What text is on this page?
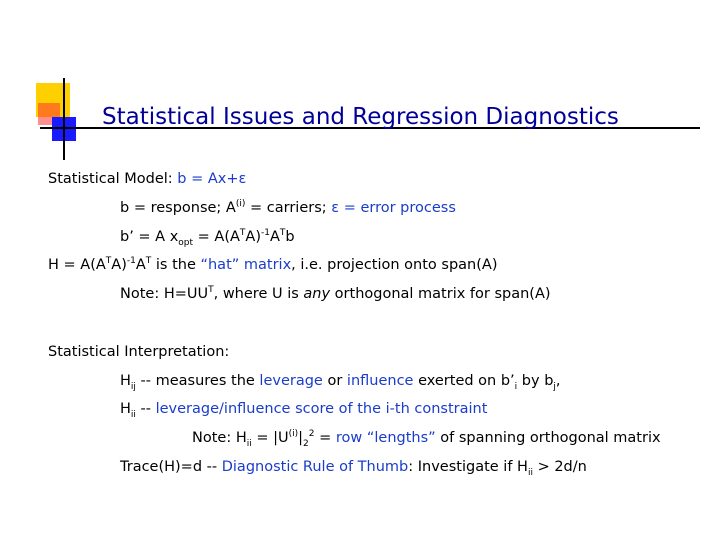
Statistical Issues and Regression Diagnostics
Statistical Model: b = Ax+ε
b = response; $A^{(i)}$ = carriers; ε = error process
b’ = A $x_{opt} = A(A^TA)^{-1}A^Tb$
$H = A(A^TA)^{-1}A^T$ is the “hat” matrix, i.e. projection onto span(A)
Note: $H=UU^T$, where U is any orthogonal matrix for span(A)
Statistical Interpretation:
$H_{ij}$ -- measures the leverage or influence exerted on $b’_i$ by $b_j$,
$H_{ii}$ -- leverage/influence score of the i-th constraint
Note: $H_{ii} = |U^{(i)}|_2^2$ = row “lengths” of spanning orthogonal matrix
Trace(H)=d -- Diagnostic Rule of Thumb: Investigate if $H_{ii} > 2d/n$
